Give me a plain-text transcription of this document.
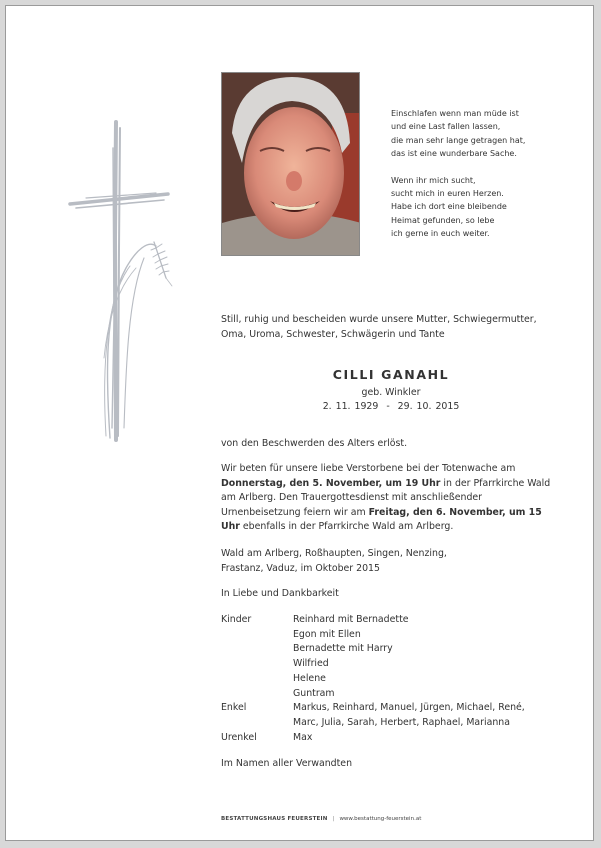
Einschlafen wenn man müde ist
und eine Last fallen lassen,
die man sehr lange getragen hat,
das ist eine wunderbare Sache.

Wenn ihr mich sucht,
sucht mich in euren Herzen.
Habe ich dort eine bleibende
Heimat gefunden, so lebe
ich gerne in euch weiter.

Still, ruhig und bescheiden wurde unsere Mutter, Schwiegermutter, Oma, Uroma, Schwester, Schwägerin und Tante
CILLI GANAHL
geb. Winkler
2. 11. 1929  -  29. 10. 2015
von den Beschwerden des Alters erlöst.
Wir beten für unsere liebe Verstorbene bei der Totenwache am Donnerstag, den 5. November, um 19 Uhr in der Pfarrkirche Wald am Arlberg. Den Trauergottesdienst mit anschließender Urnenbeisetzung feiern wir am Freitag, den 6. November, um 15 Uhr ebenfalls in der Pfarrkirche Wald am Arlberg.
Wald am Arlberg, Roßhaupten, Singen, Nenzing,
Frastanz, Vaduz, im Oktober 2015
In Liebe und Dankbarkeit
Kinder	Reinhard mit Bernadette
Egon mit Ellen
Bernadette mit Harry
Wilfried
Helene
Guntram
Enkel	Markus, Reinhard, Manuel, Jürgen, Michael, René,
Marc, Julia, Sarah, Herbert, Raphael, Marianna
Urenkel	Max
Im Namen aller Verwandten
BESTATTUNGSHAUS FEUERSTEIN | www.bestattung-feuerstein.at
